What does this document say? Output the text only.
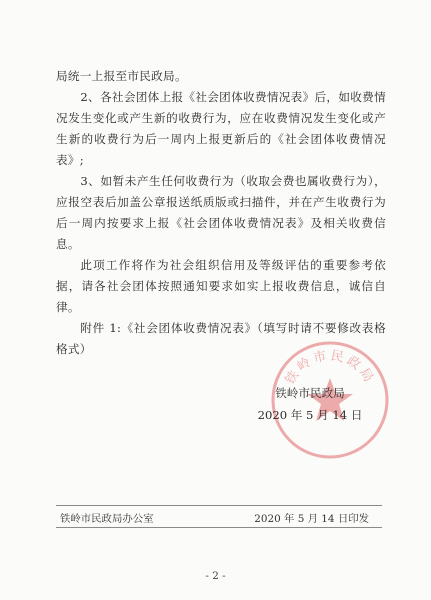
局统一上报至市民政局。

2、各社会团体上报《社会团体收费情况表》后，如收费情况发生变化或产生新的收费行为，应在收费情况发生变化或产生新的收费行为后一周内上报更新后的《社会团体收费情况表》;

3、如暂未产生任何收费行为（收取会费也属收费行为），应报空表后加盖公章报送纸质版或扫描件，并在产生收费行为后一周内按要求上报《社会团体收费情况表》及相关收费信息。

此项工作将作为社会组织信用及等级评估的重要参考依据，请各社会团体按照通知要求如实上报收费信息，诚信自律。

附件 1:《社会团体收费情况表》（填写时请不要修改表格格式）

铁岭市民政局
铁岭市民政局
2020 年 5 月 14 日
铁岭市民政局办公室	2020 年 5 月 14 日印发
- 2 -
